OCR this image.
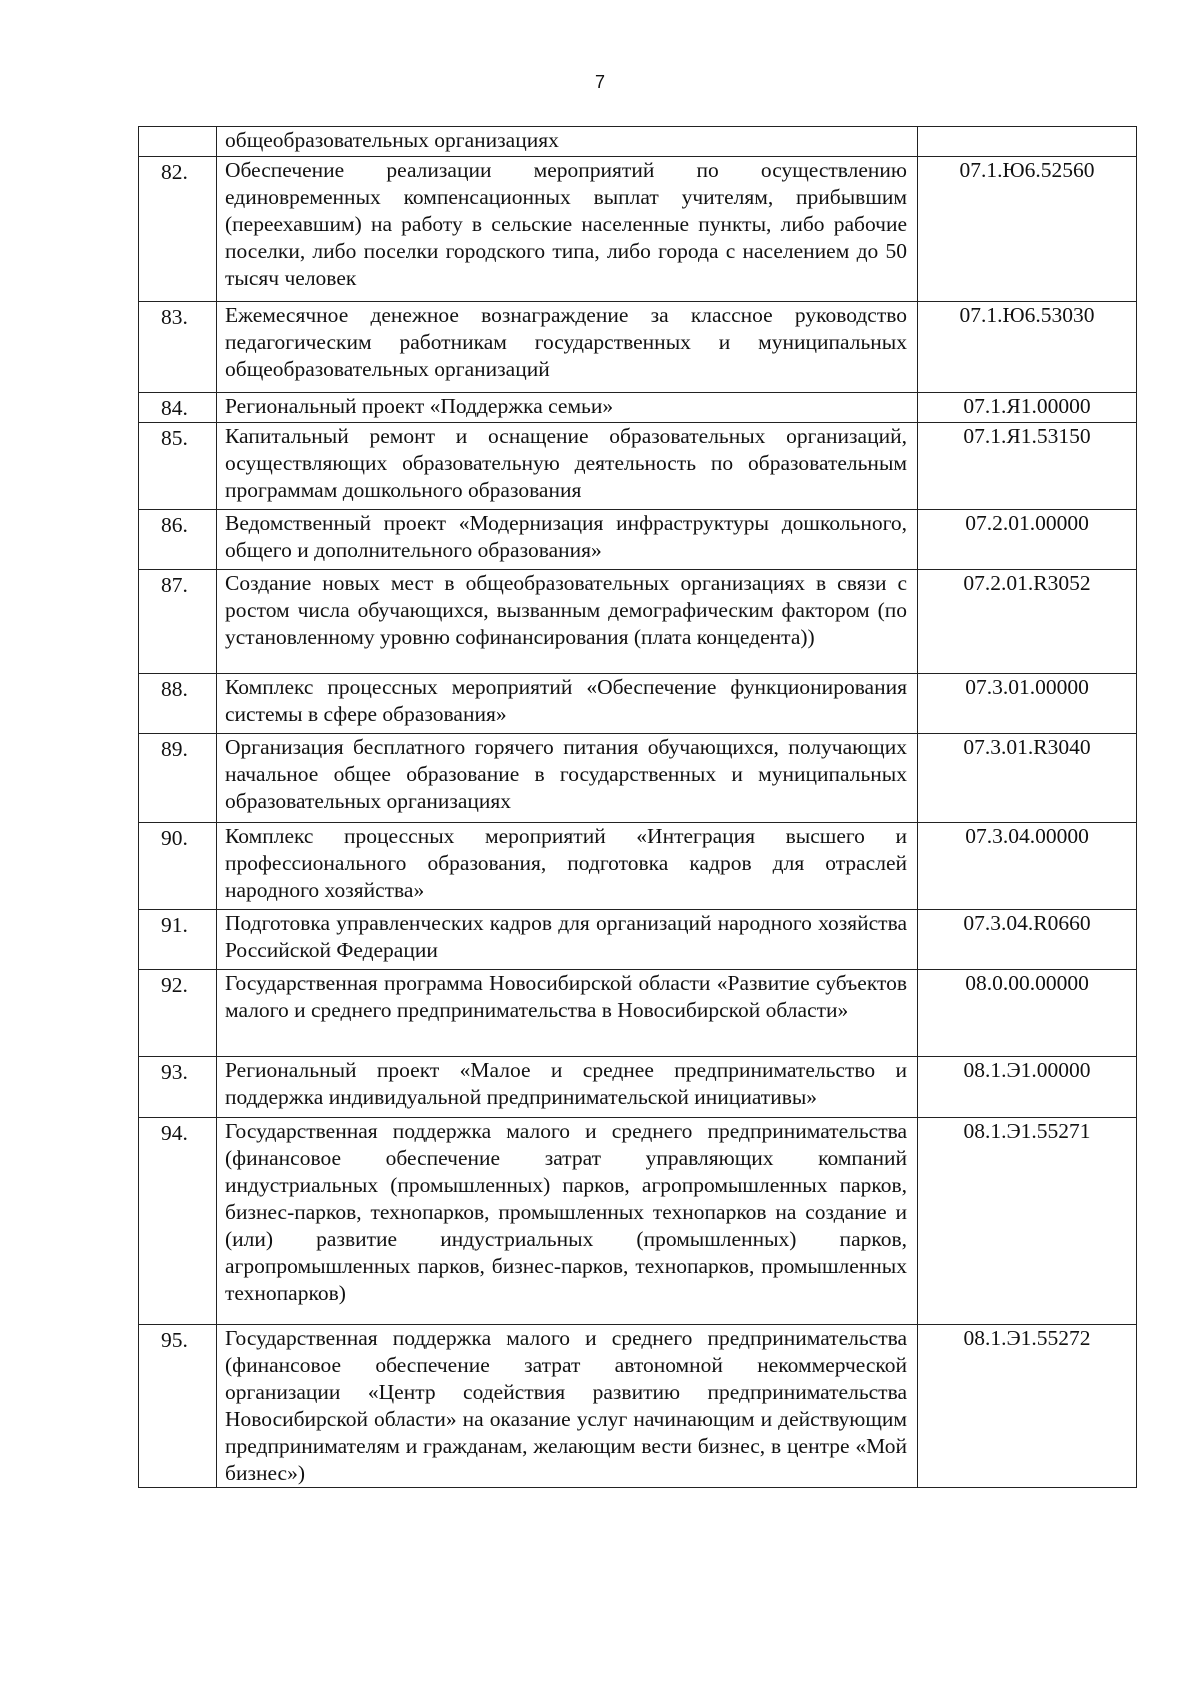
7
	общеобразовательных организациях	
82.	Обеспечение реализации мероприятий по осуществлению единовременных компенсационных выплат учителям, прибывшим (переехавшим) на работу в сельские населенные пункты, либо рабочие поселки, либо поселки городского типа, либо города с населением до 50 тысяч человек	07.1.Ю6.52560
83.	Ежемесячное денежное вознаграждение за классное руководство педагогическим работникам государственных и муниципальных общеобразовательных организаций	07.1.Ю6.53030
84.	Региональный проект «Поддержка семьи»	07.1.Я1.00000
85.	Капитальный ремонт и оснащение образовательных организаций, осуществляющих образовательную деятельность по образовательным программам дошкольного образования	07.1.Я1.53150
86.	Ведомственный проект «Модернизация инфраструктуры дошкольного, общего и дополнительного образования»	07.2.01.00000
87.	Создание новых мест в общеобразовательных организациях в связи с ростом числа обучающихся, вызванным демографическим фактором (по установленному уровню софинансирования (плата концедента))	07.2.01.R3052
88.	Комплекс процессных мероприятий «Обеспечение функционирования системы в сфере образования»	07.3.01.00000
89.	Организация бесплатного горячего питания обучающихся, получающих начальное общее образование в государственных и муниципальных образовательных организациях	07.3.01.R3040
90.	Комплекс процессных мероприятий «Интеграция высшего и профессионального образования, подготовка кадров для отраслей народного хозяйства»	07.3.04.00000
91.	Подготовка управленческих кадров для организаций народного хозяйства Российской Федерации	07.3.04.R0660
92.	Государственная программа Новосибирской области «Развитие субъектов малого и среднего предпринимательства в Новосибирской области»	08.0.00.00000
93.	Региональный проект «Малое и среднее предпринимательство и поддержка индивидуальной предпринимательской инициативы»	08.1.Э1.00000
94.	Государственная поддержка малого и среднего предпринимательства (финансовое обеспечение затрат управляющих компаний индустриальных (промышленных) парков, агропромышленных парков, бизнес-парков, технопарков, промышленных технопарков на создание и (или) развитие индустриальных (промышленных) парков, агропромышленных парков, бизнес-парков, технопарков, промышленных технопарков)	08.1.Э1.55271
95.	Государственная поддержка малого и среднего предпринимательства (финансовое обеспечение затрат автономной некоммерческой организации «Центр содействия развитию предпринимательства Новосибирской области» на оказание услуг начинающим и действующим предпринимателям и гражданам, желающим вести бизнес, в центре «Мой бизнес»)	08.1.Э1.55272
